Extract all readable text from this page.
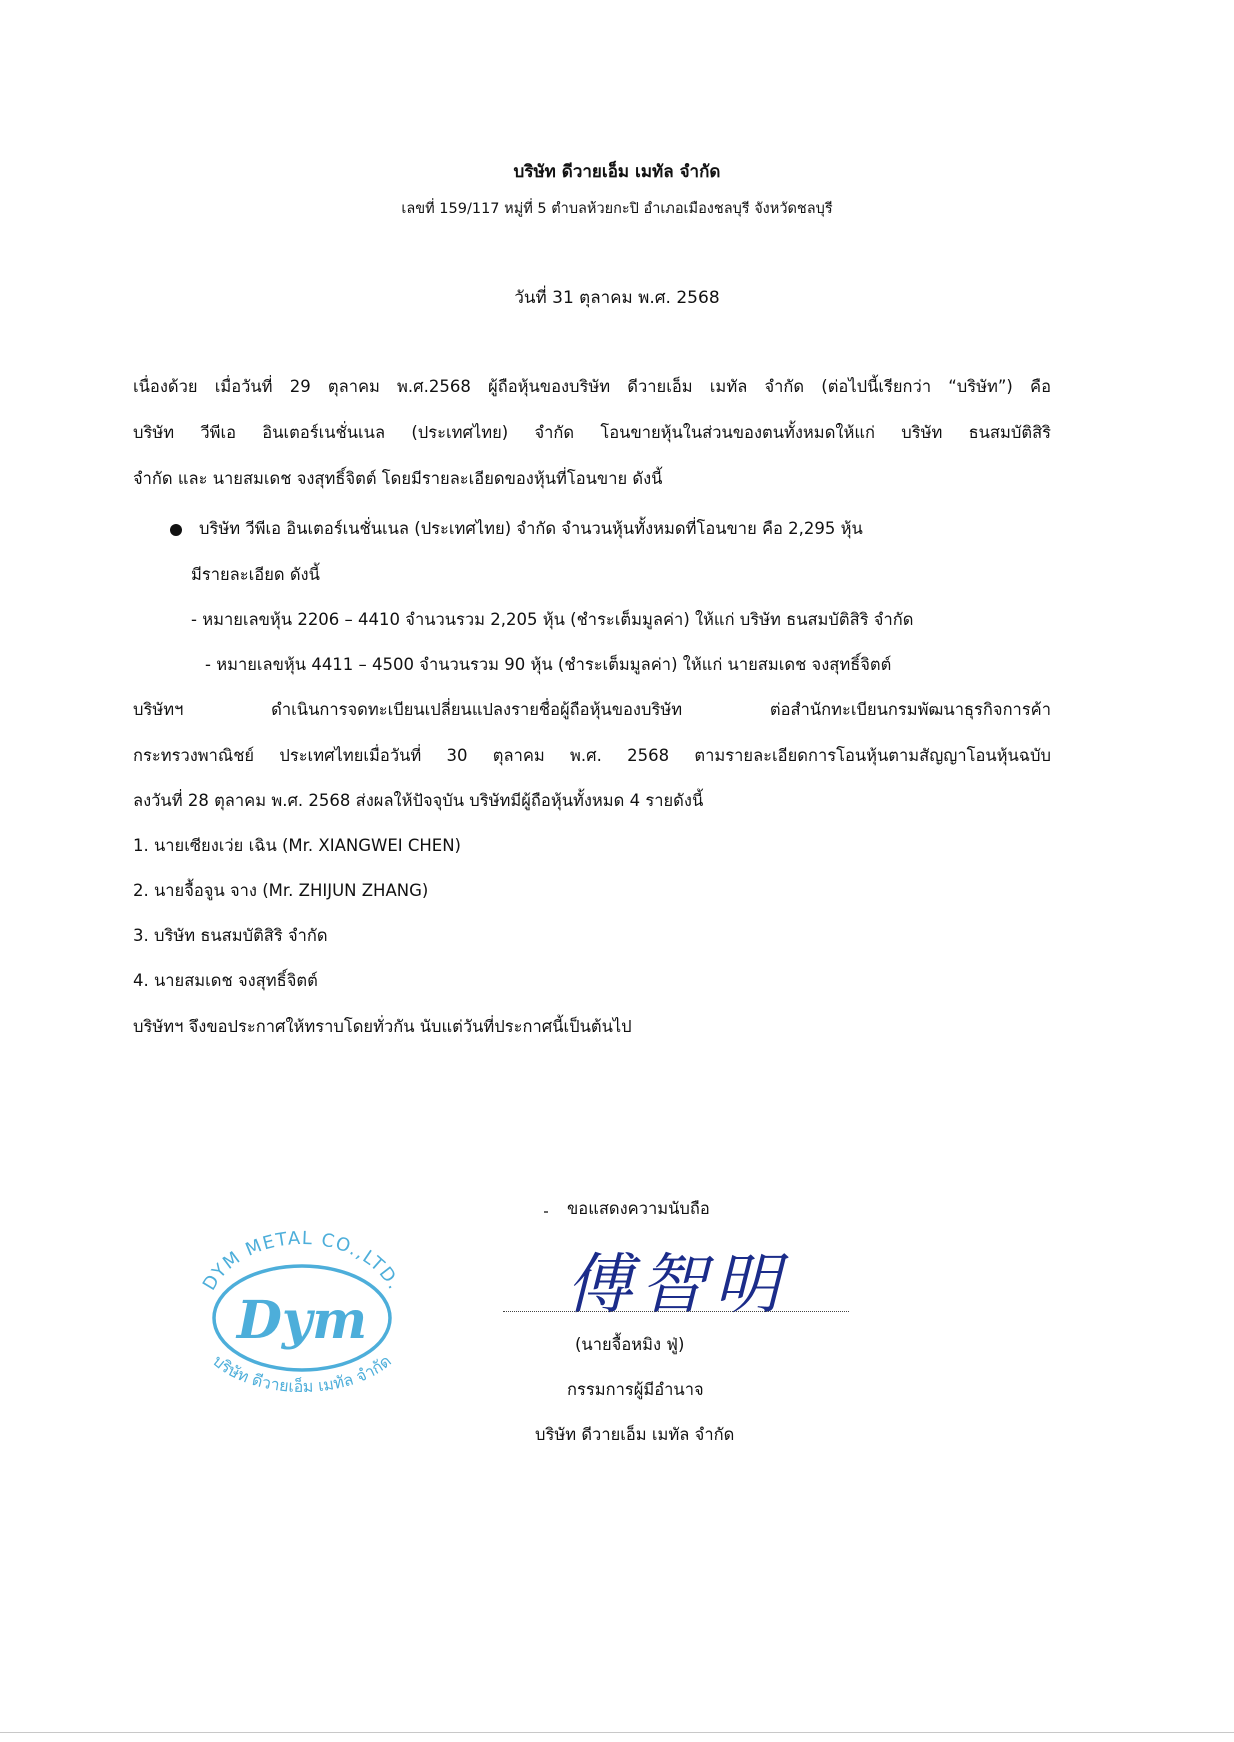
บริษัท ดีวายเอ็ม เมทัล จำกัด

เลขที่ 159/117 หมู่ที่ 5 ตำบลห้วยกะปิ อำเภอเมืองชลบุรี จังหวัดชลบุรี

วันที่ 31 ตุลาคม พ.ศ. 2568

เนื่องด้วย เมื่อวันที่ 29 ตุลาคม พ.ศ.2568 ผู้ถือหุ้นของบริษัท ดีวายเอ็ม เมทัล จำกัด (ต่อไปนี้เรียกว่า “บริษัท”) คือ

บริษัท วีพีเอ อินเตอร์เนชั่นเนล (ประเทศไทย) จำกัด โอนขายหุ้นในส่วนของตนทั้งหมดให้แก่ บริษัท ธนสมบัติสิริ

จำกัด และ นายสมเดช จงสุทธิ์จิตต์ โดยมีรายละเอียดของหุ้นที่โอนขาย ดังนี้

บริษัท วีพีเอ อินเตอร์เนชั่นเนล (ประเทศไทย) จำกัด จำนวนหุ้นทั้งหมดที่โอนขาย คือ 2,295 หุ้น

มีรายละเอียด ดังนี้

- หมายเลขหุ้น 2206 – 4410 จำนวนรวม 2,205 หุ้น (ชำระเต็มมูลค่า) ให้แก่ บริษัท ธนสมบัติสิริ จำกัด

- หมายเลขหุ้น 4411 – 4500 จำนวนรวม 90 หุ้น (ชำระเต็มมูลค่า) ให้แก่ นายสมเดช จงสุทธิ์จิตต์

บริษัทฯ ดำเนินการจดทะเบียนเปลี่ยนแปลงรายชื่อผู้ถือหุ้นของบริษัท ต่อสำนักทะเบียนกรมพัฒนาธุรกิจการค้า

กระทรวงพาณิชย์ ประเทศไทยเมื่อวันที่ 30 ตุลาคม พ.ศ. 2568 ตามรายละเอียดการโอนหุ้นตามสัญญาโอนหุ้นฉบับ

ลงวันที่ 28 ตุลาคม พ.ศ. 2568 ส่งผลให้ปัจจุบัน บริษัทมีผู้ถือหุ้นทั้งหมด 4 รายดังนี้

1. นายเซียงเว่ย เฉิน (Mr. XIANGWEI CHEN)

2. นายจื้อจูน จาง (Mr. ZHIJUN ZHANG)

3. บริษัท ธนสมบัติสิริ จำกัด

4. นายสมเดช จงสุทธิ์จิตต์

บริษัทฯ จึงขอประกาศให้ทราบโดยทั่วกัน นับแต่วันที่ประกาศนี้เป็นต้นไป

DYM METAL CO.,LTD.
Dym
บริษัท ดีวายเอ็ม เมทัล จำกัด

ขอแสดงความนับถือ

傅智明

(นายจื้อหมิง ฟู่)

กรรมการผู้มีอำนาจ

บริษัท ดีวายเอ็ม เมทัล จำกัด
